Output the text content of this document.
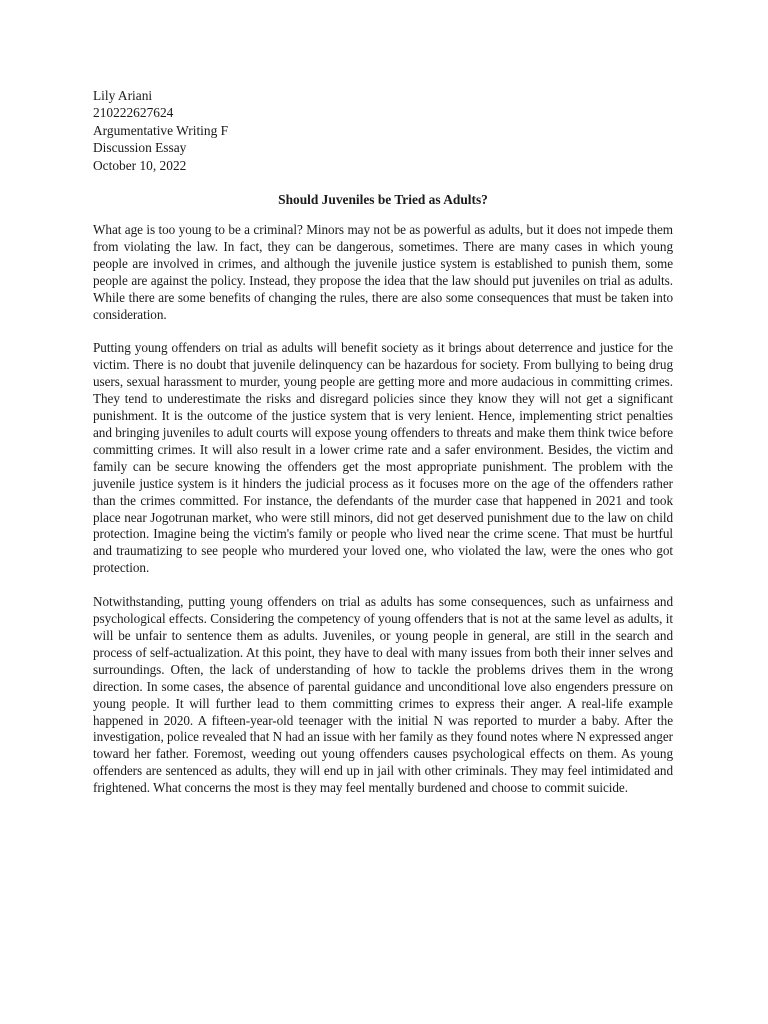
Lily Ariani

210222627624

Argumentative Writing F

Discussion Essay

October 10, 2022

Should Juveniles be Tried as Adults?

What age is too young to be a criminal? Minors may not be as powerful as adults, but it does not impede them from violating the law. In fact, they can be dangerous, sometimes. There are many cases in which young people are involved in crimes, and although the juvenile justice system is established to punish them, some people are against the policy. Instead, they propose the idea that the law should put juveniles on trial as adults. While there are some benefits of changing the rules, there are also some consequences that must be taken into consideration.

Putting young offenders on trial as adults will benefit society as it brings about deterrence and justice for the victim. There is no doubt that juvenile delinquency can be hazardous for society. From bullying to being drug users, sexual harassment to murder, young people are getting more and more audacious in committing crimes. They tend to underestimate the risks and disregard policies since they know they will not get a significant punishment. It is the outcome of the justice system that is very lenient. Hence, implementing strict penalties and bringing juveniles to adult courts will expose young offenders to threats and make them think twice before committing crimes. It will also result in a lower crime rate and a safer environment. Besides, the victim and family can be secure knowing the offenders get the most appropriate punishment. The problem with the juvenile justice system is it hinders the judicial process as it focuses more on the age of the offenders rather than the crimes committed. For instance, the defendants of the murder case that happened in 2021 and took place near Jogotrunan market, who were still minors, did not get deserved punishment due to the law on child protection. Imagine being the victim's family or people who lived near the crime scene. That must be hurtful and traumatizing to see people who murdered your loved one, who violated the law, were the ones who got protection.

Notwithstanding, putting young offenders on trial as adults has some consequences, such as unfairness and psychological effects. Considering the competency of young offenders that is not at the same level as adults, it will be unfair to sentence them as adults. Juveniles, or young people in general, are still in the search and process of self-actualization. At this point, they have to deal with many issues from both their inner selves and surroundings. Often, the lack of understanding of how to tackle the problems drives them in the wrong direction. In some cases, the absence of parental guidance and unconditional love also engenders pressure on young people. It will further lead to them committing crimes to express their anger. A real-life example happened in 2020. A fifteen-year-old teenager with the initial N was reported to murder a baby. After the investigation, police revealed that N had an issue with her family as they found notes where N expressed anger toward her father. Foremost, weeding out young offenders causes psychological effects on them. As young offenders are sentenced as adults, they will end up in jail with other criminals. They may feel intimidated and frightened. What concerns the most is they may feel mentally burdened and choose to commit suicide.
